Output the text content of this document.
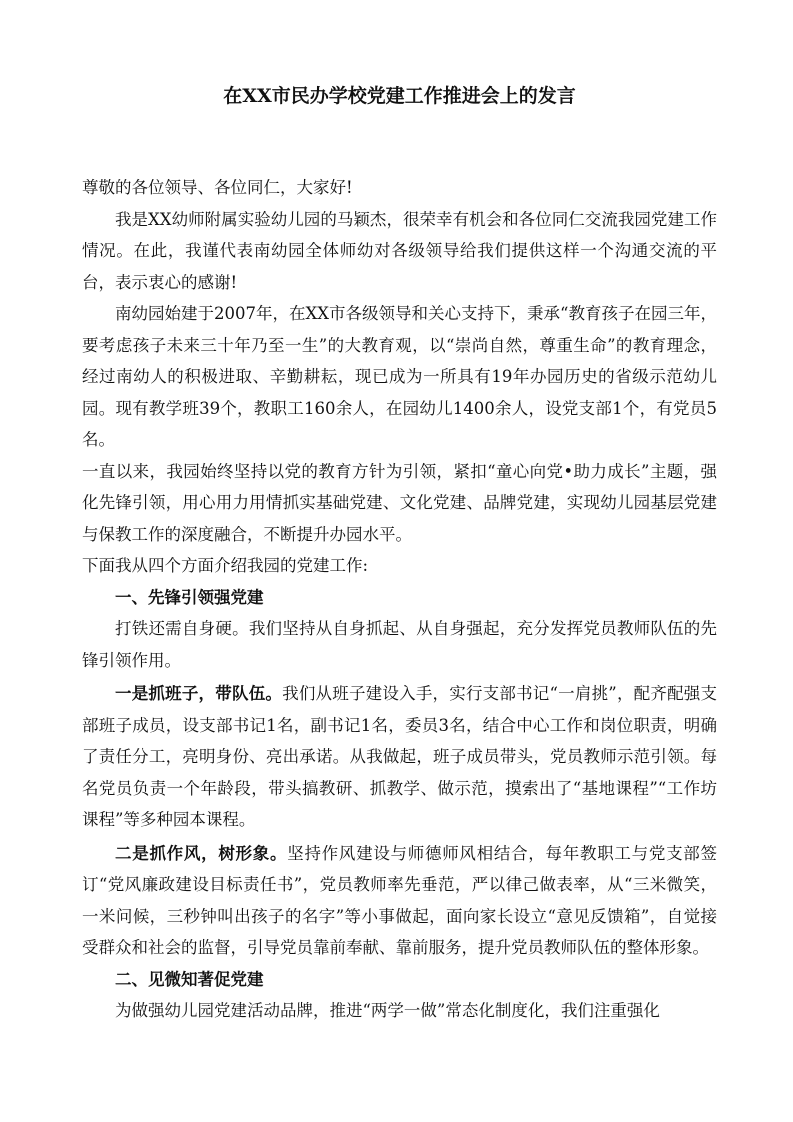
在XX市民办学校党建工作推进会上的发言

尊敬的各位领导、各位同仁，大家好!

我是XX幼师附属实验幼儿园的马颖杰，很荣幸有机会和各位同仁交流我园党建工作情况。在此，我谨代表南幼园全体师幼对各级领导给我们提供这样一个沟通交流的平台，表示衷心的感谢!

南幼园始建于2007年，在XX市各级领导和关心支持下，秉承“教育孩子在园三年，要考虑孩子未来三十年乃至一生”的大教育观，以“崇尚自然，尊重生命”的教育理念，经过南幼人的积极进取、辛勤耕耘，现已成为一所具有19年办园历史的省级示范幼儿园。现有教学班39个，教职工160余人，在园幼儿1400余人，设党支部1个，有党员5名。

一直以来，我园始终坚持以党的教育方针为引领，紧扣“童心向党•助力成长”主题，强化先锋引领，用心用力用情抓实基础党建、文化党建、品牌党建，实现幼儿园基层党建与保教工作的深度融合，不断提升办园水平。

下面我从四个方面介绍我园的党建工作:

一、先锋引领强党建

打铁还需自身硬。我们坚持从自身抓起、从自身强起，充分发挥党员教师队伍的先锋引领作用。

一是抓班子，带队伍。我们从班子建设入手，实行支部书记“一肩挑”，配齐配强支部班子成员，设支部书记1名，副书记1名，委员3名，结合中心工作和岗位职责，明确了责任分工，亮明身份、亮出承诺。从我做起，班子成员带头，党员教师示范引领。每名党员负责一个年龄段，带头搞教研、抓教学、做示范，摸索出了“基地课程”“工作坊课程”等多种园本课程。

二是抓作风，树形象。坚持作风建设与师德师风相结合，每年教职工与党支部签订“党风廉政建设目标责任书”，党员教师率先垂范，严以律己做表率，从“三米微笑，一米问候，三秒钟叫出孩子的名字”等小事做起，面向家长设立“意见反馈箱”，自觉接受群众和社会的监督，引导党员靠前奉献、靠前服务，提升党员教师队伍的整体形象。

二、见微知著促党建

为做强幼儿园党建活动品牌，推进“两学一做”常态化制度化，我们注重强化
